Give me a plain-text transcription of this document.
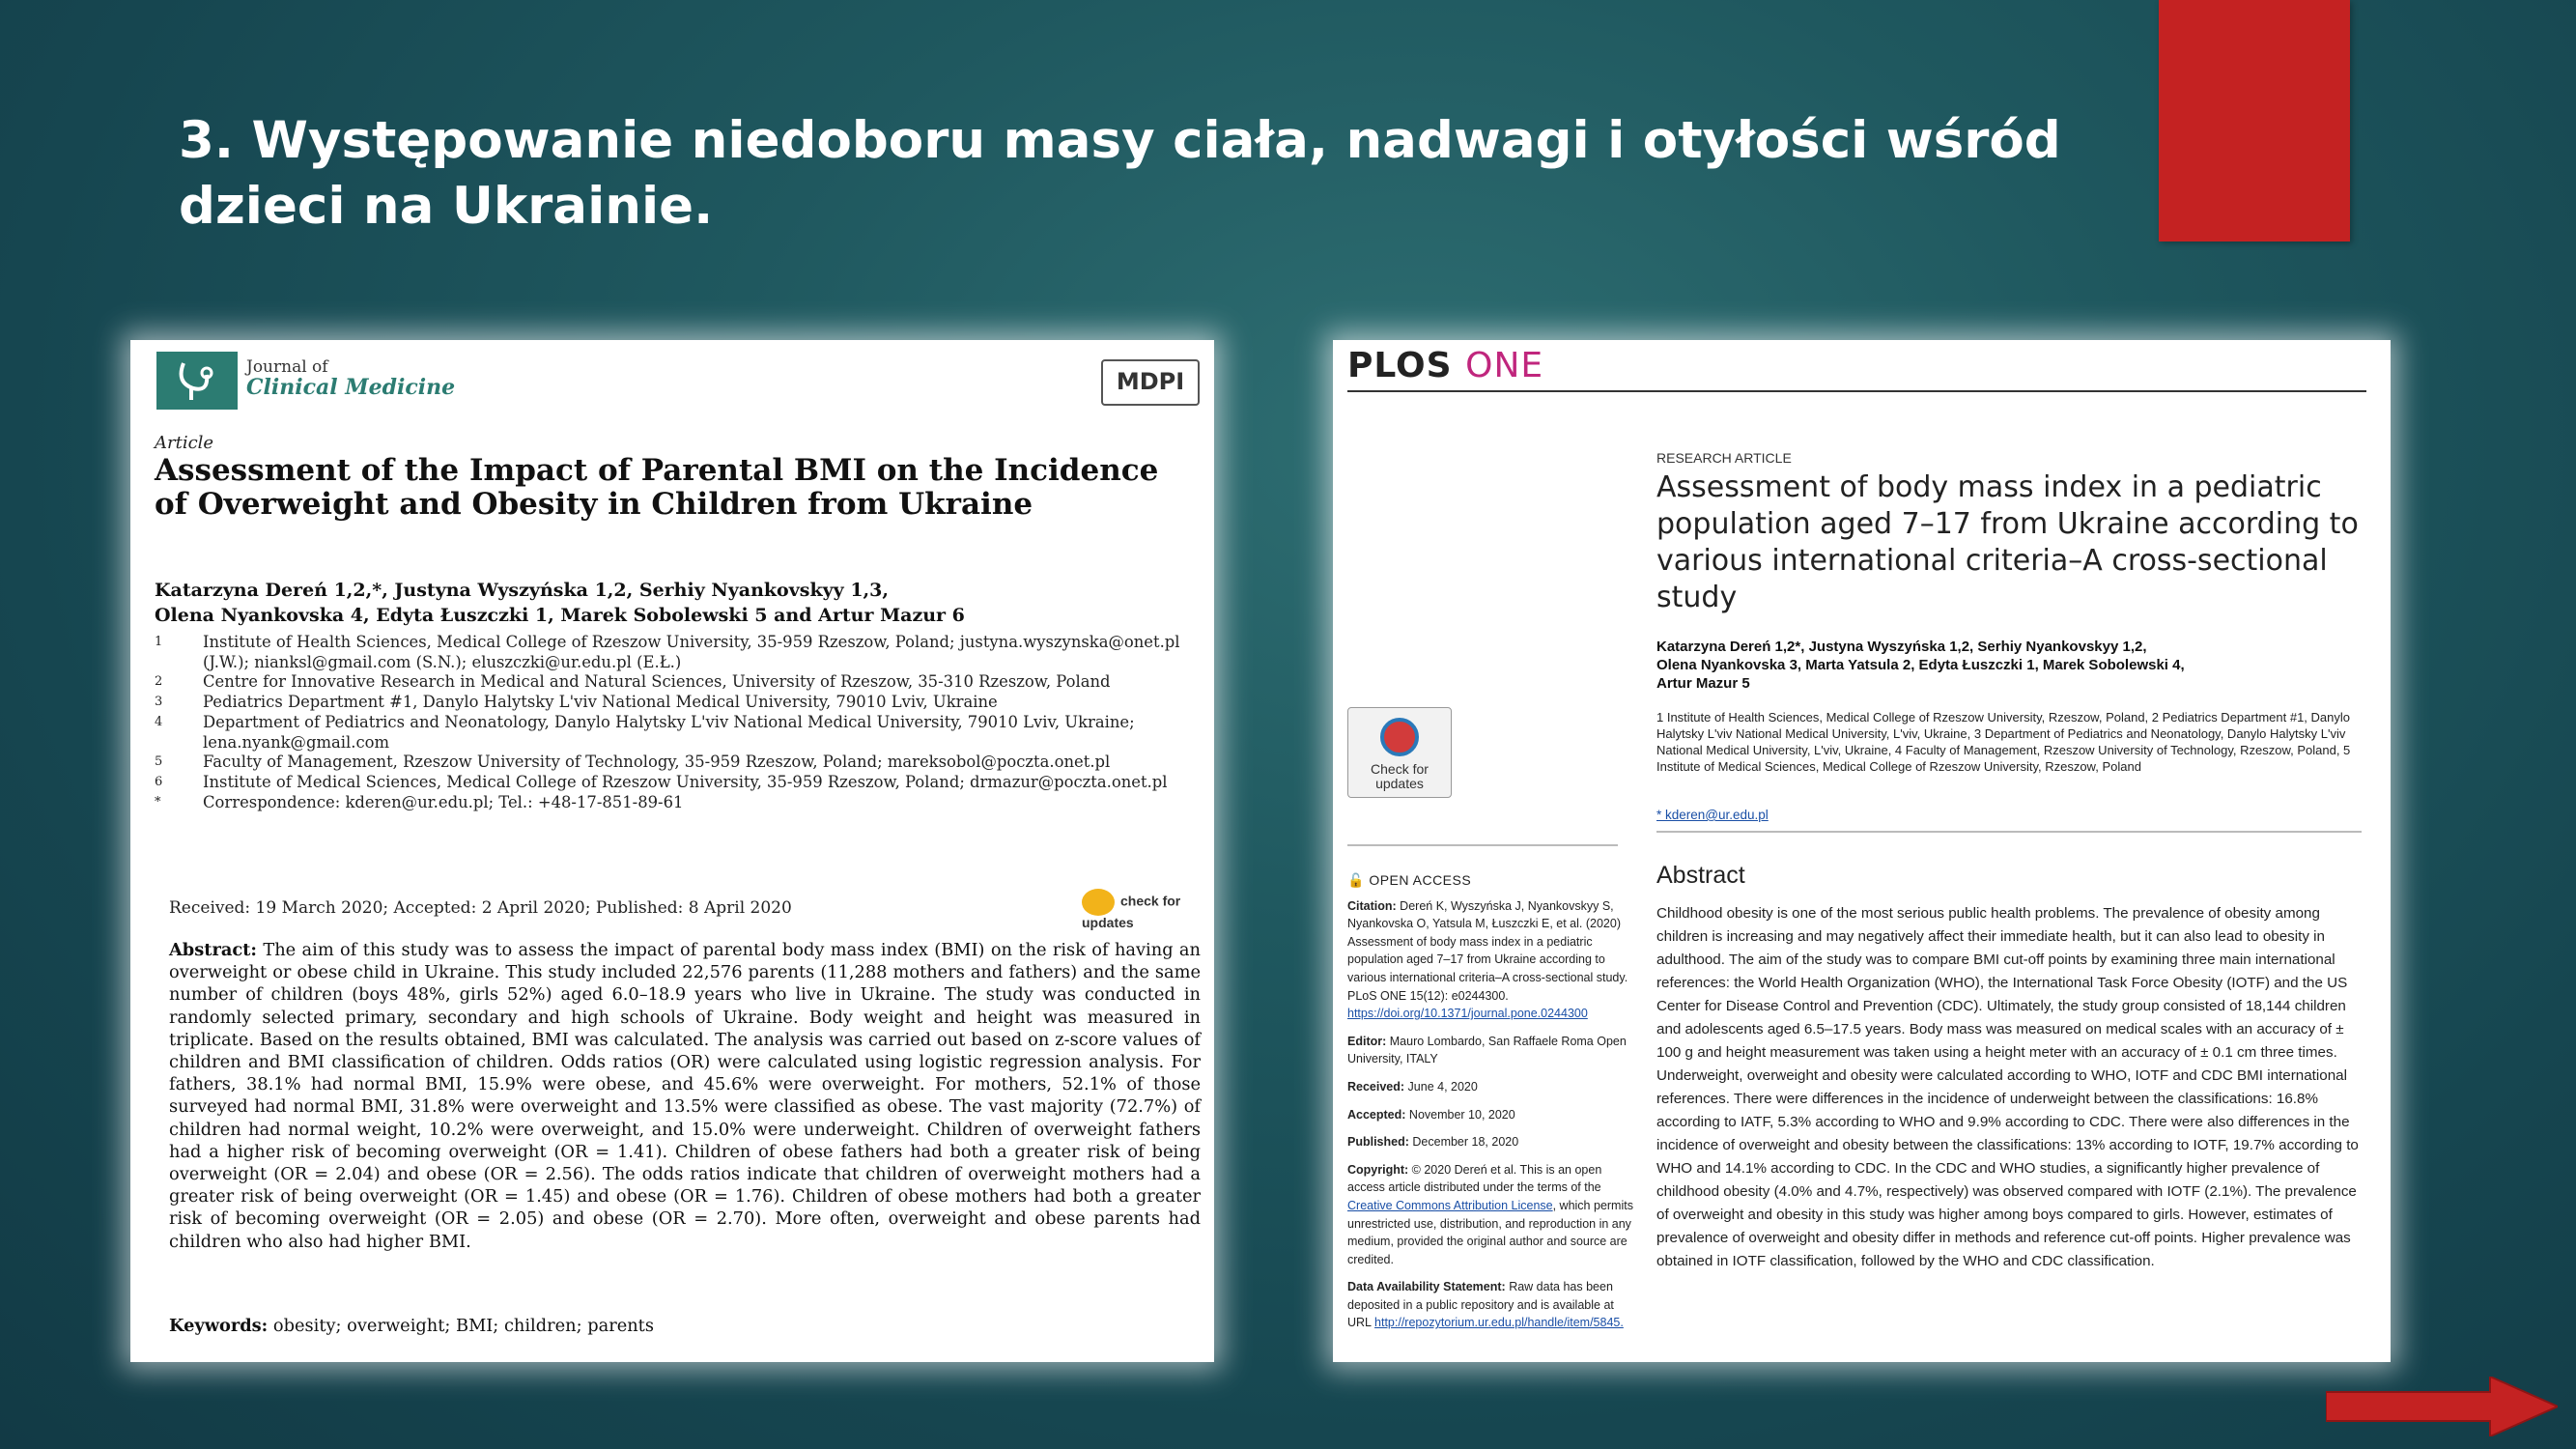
3. Występowanie niedoboru masy ciała, nadwagi i otyłości wśród dzieci na Ukrainie.
Journal of
Clinical Medicine	MDPI
Article
Assessment of the Impact of Parental BMI on the Incidence of Overweight and Obesity in Children from Ukraine
Katarzyna Dereń 1,2,*, Justyna Wyszyńska 1,2, Serhiy Nyankovskyy 1,3,
Olena Nyankovska 4, Edyta Łuszczki 1, Marek Sobolewski 5 and Artur Mazur 6
1	Institute of Health Sciences, Medical College of Rzeszow University, 35-959 Rzeszow, Poland; justyna.wyszynska@onet.pl (J.W.); nianksl@gmail.com (S.N.); eluszczki@ur.edu.pl (E.Ł.)
2	Centre for Innovative Research in Medical and Natural Sciences, University of Rzeszow, 35-310 Rzeszow, Poland
3	Pediatrics Department #1, Danylo Halytsky L'viv National Medical University, 79010 Lviv, Ukraine
4	Department of Pediatrics and Neonatology, Danylo Halytsky L'viv National Medical University, 79010 Lviv, Ukraine; lena.nyank@gmail.com
5	Faculty of Management, Rzeszow University of Technology, 35-959 Rzeszow, Poland; mareksobol@poczta.onet.pl
6	Institute of Medical Sciences, Medical College of Rzeszow University, 35-959 Rzeszow, Poland; drmazur@poczta.onet.pl
*	Correspondence: kderen@ur.edu.pl; Tel.: +48-17-851-89-61
Received: 19 March 2020; Accepted: 2 April 2020; Published: 8 April 2020	check for updates
Abstract: The aim of this study was to assess the impact of parental body mass index (BMI) on the risk of having an overweight or obese child in Ukraine. This study included 22,576 parents (11,288 mothers and fathers) and the same number of children (boys 48%, girls 52%) aged 6.0–18.9 years who live in Ukraine. The study was conducted in randomly selected primary, secondary and high schools of Ukraine. Body weight and height was measured in triplicate. Based on the results obtained, BMI was calculated. The analysis was carried out based on z-score values of children and BMI classification of children. Odds ratios (OR) were calculated using logistic regression analysis. For fathers, 38.1% had normal BMI, 15.9% were obese, and 45.6% were overweight. For mothers, 52.1% of those surveyed had normal BMI, 31.8% were overweight and 13.5% were classified as obese. The vast majority (72.7%) of children had normal weight, 10.2% were overweight, and 15.0% were underweight. Children of overweight fathers had a higher risk of becoming overweight (OR = 1.41). Children of obese fathers had both a greater risk of being overweight (OR = 2.04) and obese (OR = 2.56). The odds ratios indicate that children of overweight mothers had a greater risk of being overweight (OR = 1.45) and obese (OR = 1.76). Children of obese mothers had both a greater risk of becoming overweight (OR = 2.05) and obese (OR = 2.70). More often, overweight and obese parents had children who also had higher BMI.
Keywords: obesity; overweight; BMI; children; parents
PLOS ONE
RESEARCH ARTICLE
Assessment of body mass index in a pediatric population aged 7–17 from Ukraine according to various international criteria–A cross-sectional study
Katarzyna Dereń 1,2*, Justyna Wyszyńska 1,2, Serhiy Nyankovskyy 1,2,
Olena Nyankovska 3, Marta Yatsula 2, Edyta Łuszczki 1, Marek Sobolewski 4,
Artur Mazur 5
1 Institute of Health Sciences, Medical College of Rzeszow University, Rzeszow, Poland, 2 Pediatrics Department #1, Danylo Halytsky L'viv National Medical University, L'viv, Ukraine, 3 Department of Pediatrics and Neonatology, Danylo Halytsky L'viv National Medical University, L'viv, Ukraine, 4 Faculty of Management, Rzeszow University of Technology, Rzeszow, Poland, 5 Institute of Medical Sciences, Medical College of Rzeszow University, Rzeszow, Poland
* kderen@ur.edu.pl
Check for
updates
🔓 OPEN ACCESS

Citation: Dereń K, Wyszyńska J, Nyankovskyy S, Nyankovska O, Yatsula M, Łuszczki E, et al. (2020) Assessment of body mass index in a pediatric population aged 7–17 from Ukraine according to various international criteria–A cross-sectional study. PLoS ONE 15(12): e0244300. https://doi.org/10.1371/journal.pone.0244300

Editor: Mauro Lombardo, San Raffaele Roma Open University, ITALY

Received: June 4, 2020

Accepted: November 10, 2020

Published: December 18, 2020

Copyright: © 2020 Dereń et al. This is an open access article distributed under the terms of the Creative Commons Attribution License, which permits unrestricted use, distribution, and reproduction in any medium, provided the original author and source are credited.

Data Availability Statement: Raw data has been deposited in a public repository and is available at URL http://repozytorium.ur.edu.pl/handle/item/5845.

Abstract
Childhood obesity is one of the most serious public health problems. The prevalence of obesity among children is increasing and may negatively affect their immediate health, but it can also lead to obesity in adulthood. The aim of the study was to compare BMI cut-off points by examining three main international references: the World Health Organization (WHO), the International Task Force Obesity (IOTF) and the US Center for Disease Control and Prevention (CDC). Ultimately, the study group consisted of 18,144 children and adolescents aged 6.5–17.5 years. Body mass was measured on medical scales with an accuracy of ± 100 g and height measurement was taken using a height meter with an accuracy of ± 0.1 cm three times. Underweight, overweight and obesity were calculated according to WHO, IOTF and CDC BMI international references. There were differences in the incidence of underweight between the classifications: 16.8% according to IATF, 5.3% according to WHO and 9.9% according to CDC. There were also differences in the incidence of overweight and obesity between the classifications: 13% according to IOTF, 19.7% according to WHO and 14.1% according to CDC. In the CDC and WHO studies, a significantly higher prevalence of childhood obesity (4.0% and 4.7%, respectively) was observed compared with IOTF (2.1%). The prevalence of overweight and obesity in this study was higher among boys compared to girls. However, estimates of prevalence of overweight and obesity differ in methods and reference cut-off points. Higher prevalence was obtained in IOTF classification, followed by the WHO and CDC classification.
